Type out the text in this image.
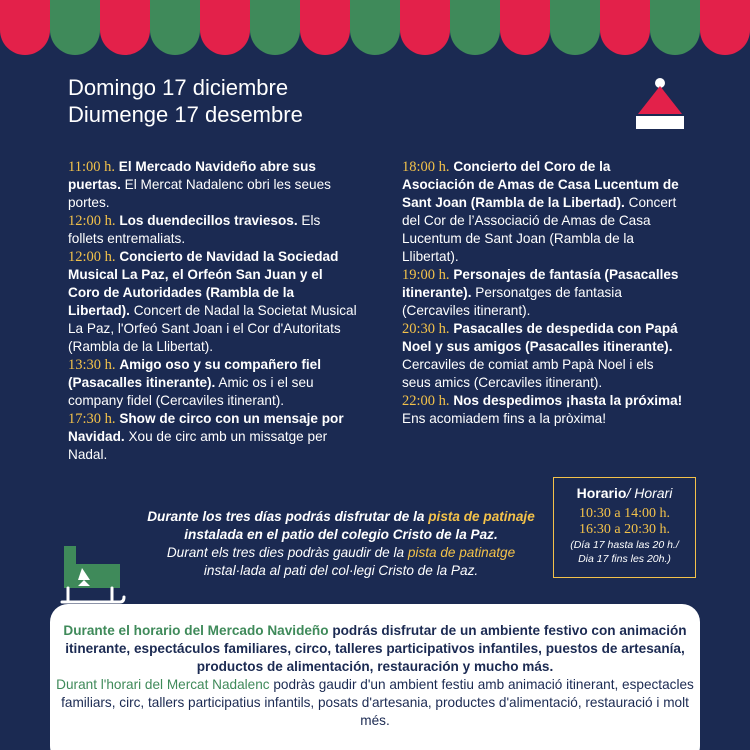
Domingo 17 diciembre
Diumenge 17 desembre
11:00 h. El Mercado Navideño abre sus puertas. El Mercat Nadalenc obri les seues portes.
12:00 h. Los duendecillos traviesos. Els follets entremaliats.
12:00 h. Concierto de Navidad la Sociedad Musical La Paz, el Orfeón San Juan y el Coro de Autoridades (Rambla de la Libertad). Concert de Nadal la Societat Musical La Paz, l'Orfeó Sant Joan i el Cor d'Autoritats (Rambla de la Llibertat).
13:30 h. Amigo oso y su compañero fiel (Pasacalles itinerante). Amic os i el seu company fidel (Cercaviles itinerant).
17:30 h. Show de circo con un mensaje por Navidad. Xou de circ amb un missatge per Nadal.
18:00 h. Concierto del Coro de la Asociación de Amas de Casa Lucentum de Sant Joan (Rambla de la Libertad). Concert del Cor de l’Associació de Amas de Casa Lucentum de Sant Joan (Rambla de la Llibertat).
19:00 h. Personajes de fantasía (Pasacalles itinerante). Personatges de fantasia (Cercaviles itinerant).
20:30 h. Pasacalles de despedida con Papá Noel y sus amigos (Pasacalles itinerante). Cercaviles de comiat amb Papà Noel i els seus amics (Cercaviles itinerant).
22:00 h. Nos despedimos ¡hasta la próxima! Ens acomiadem fins a la pròxima!
Durante los tres días podrás disfrutar de la pista de patinaje instalada en el patio del colegio Cristo de la Paz.
Durant els tres dies podràs gaudir de la pista de patinatge instal·lada al pati del col·legi Cristo de la Paz.
Horario/ Horari
10:30 a 14:00 h.
16:30 a 20:30 h.
(Día 17 hasta las 20 h./
Dia 17 fins les 20h.)
Durante el horario del Mercado Navideño podrás disfrutar de un ambiente festivo con animación itinerante, espectáculos familiares, circo, talleres participativos infantiles, puestos de artesanía, productos de alimentación, restauración y mucho más.
Durant l'horari del Mercat Nadalenc podràs gaudir d'un ambient festiu amb animació itinerant, espectacles familiars, circ, tallers participatius infantils, posats d'artesania, productes d'alimentació, restauració i molt més.
